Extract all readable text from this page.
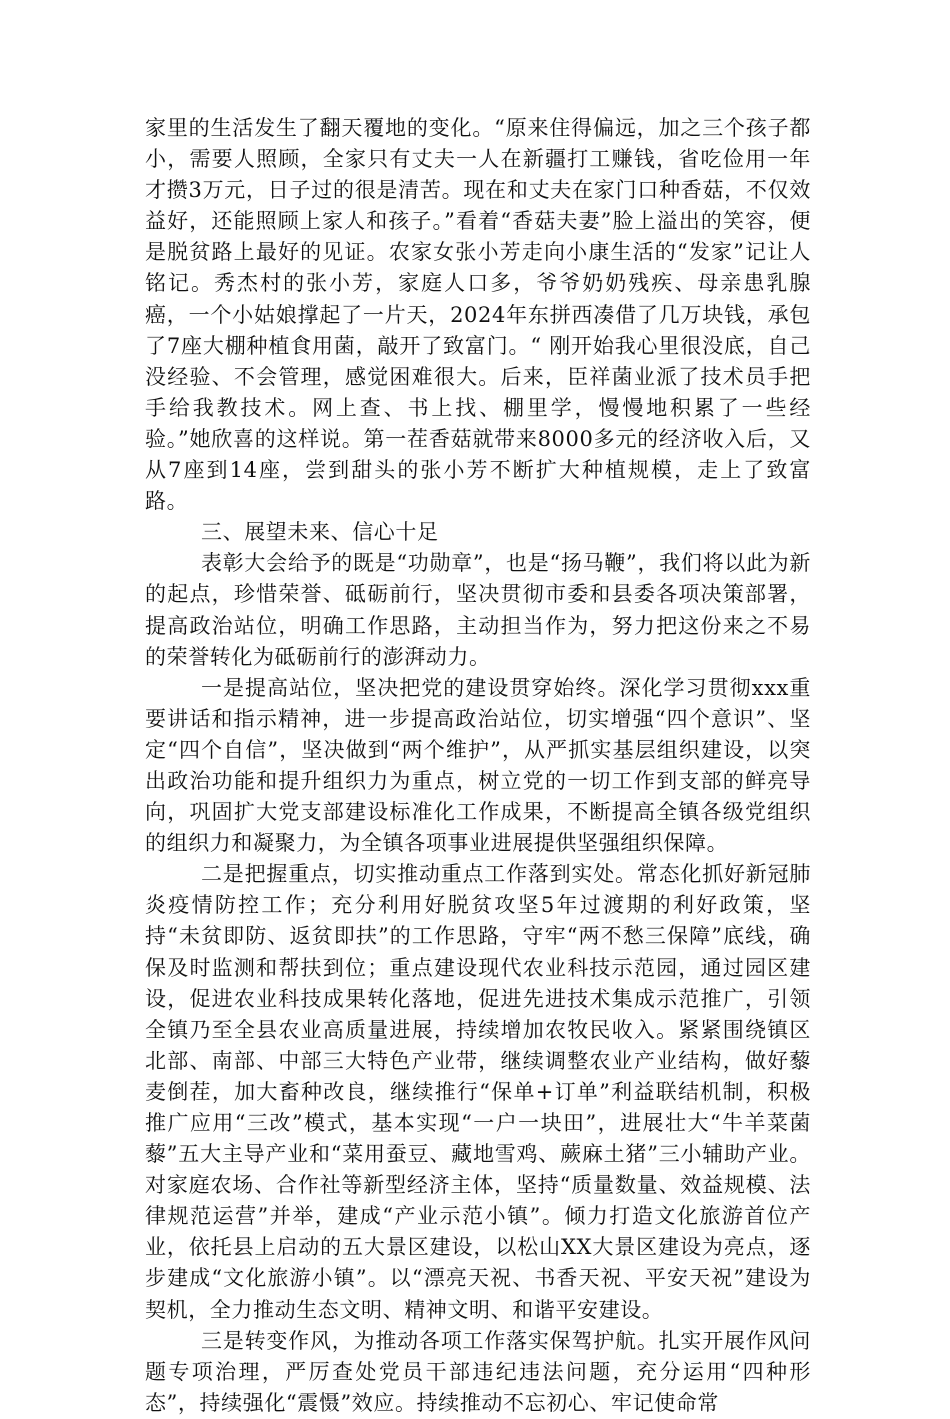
家里的生活发生了翻天覆地的变化。“原来住得偏远，加之三个孩子都小，需要人照顾，全家只有丈夫一人在新疆打工赚钱，省吃俭用一年才攒3万元，日子过的很是清苦。现在和丈夫在家门口种香菇，不仅效益好，还能照顾上家人和孩子。”看着“香菇夫妻”脸上溢出的笑容，便是脱贫路上最好的见证。农家女张小芳走向小康生活的“发家”记让人铭记。秀杰村的张小芳，家庭人口多，爷爷奶奶残疾、母亲患乳腺癌，一个小姑娘撑起了一片天，2024年东拼西凑借了几万块钱，承包了7座大棚种植食用菌，敲开了致富门。“ 刚开始我心里很没底，自己没经验、不会管理，感觉困难很大。后来，臣祥菌业派了技术员手把手给我教技术。网上查、书上找、棚里学，慢慢地积累了一些经验。”她欣喜的这样说。第一茬香菇就带来8000多元的经济收入后，又从7座到14座，尝到甜头的张小芳不断扩大种植规模，走上了致富路。

三、展望未来、信心十足

表彰大会给予的既是“功勋章”，也是“扬马鞭”，我们将以此为新的起点，珍惜荣誉、砥砺前行，坚决贯彻市委和县委各项决策部署，提高政治站位，明确工作思路，主动担当作为，努力把这份来之不易的荣誉转化为砥砺前行的澎湃动力。

一是提高站位，坚决把党的建设贯穿始终。深化学习贯彻xxx重要讲话和指示精神，进一步提高政治站位，切实增强“四个意识”、坚定“四个自信”，坚决做到“两个维护”，从严抓实基层组织建设，以突出政治功能和提升组织力为重点，树立党的一切工作到支部的鲜亮导向，巩固扩大党支部建设标准化工作成果，不断提高全镇各级党组织的组织力和凝聚力，为全镇各项事业进展提供坚强组织保障。

二是把握重点，切实推动重点工作落到实处。常态化抓好新冠肺炎疫情防控工作；充分利用好脱贫攻坚5年过渡期的利好政策，坚持“未贫即防、返贫即扶”的工作思路，守牢“两不愁三保障”底线，确保及时监测和帮扶到位；重点建设现代农业科技示范园，通过园区建设，促进农业科技成果转化落地，促进先进技术集成示范推广，引领全镇乃至全县农业高质量进展，持续增加农牧民收入。紧紧围绕镇区北部、南部、中部三大特色产业带，继续调整农业产业结构，做好藜麦倒茬，加大畜种改良，继续推行“保单+订单”利益联结机制，积极推广应用“三改”模式，基本实现“一户一块田”，进展壮大“牛羊菜菌藜”五大主导产业和“菜用蚕豆、藏地雪鸡、蕨麻土猪”三小辅助产业。对家庭农场、合作社等新型经济主体，坚持“质量数量、效益规模、法律规范运营”并举，建成“产业示范小镇”。倾力打造文化旅游首位产业，依托县上启动的五大景区建设，以松山XX大景区建设为亮点，逐步建成“文化旅游小镇”。以“漂亮天祝、书香天祝、平安天祝”建设为契机，全力推动生态文明、精神文明、和谐平安建设。

三是转变作风，为推动各项工作落实保驾护航。扎实开展作风问题专项治理，严厉查处党员干部违纪违法问题，充分运用“四种形态”，持续强化“震慑”效应。持续推动不忘初心、牢记使命常
